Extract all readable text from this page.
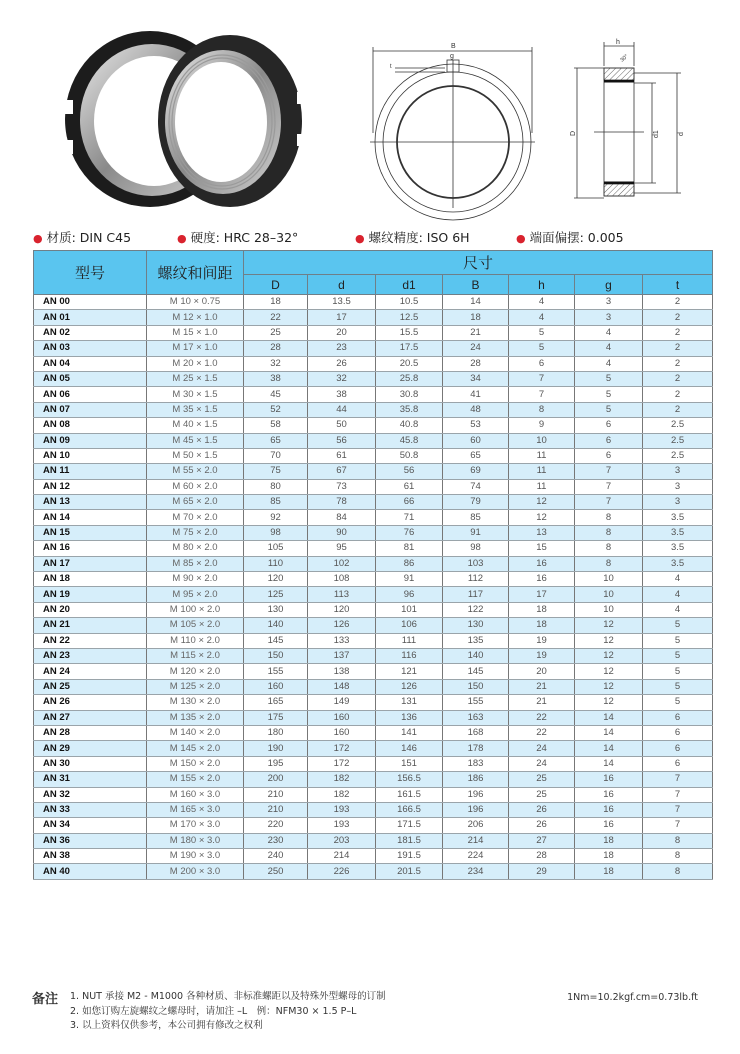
B
g
t
h
30°
D	d1	d
● 材质: DIN C45	● 硬度: HRC 28–32°	● 螺纹精度: ISO 6H	● 端面偏摆: 0.005
型号	螺纹和间距	尺寸						
		D	d	d1	B	h	g	t
AN 00	M 10 × 0.75	18	13.5	10.5	14	4	3	2
AN 01	M 12 × 1.0	22	17	12.5	18	4	3	2
AN 02	M 15 × 1.0	25	20	15.5	21	5	4	2
AN 03	M 17 × 1.0	28	23	17.5	24	5	4	2
AN 04	M 20 × 1.0	32	26	20.5	28	6	4	2
AN 05	M 25 × 1.5	38	32	25.8	34	7	5	2
AN 06	M 30 × 1.5	45	38	30.8	41	7	5	2
AN 07	M 35 × 1.5	52	44	35.8	48	8	5	2
AN 08	M 40 × 1.5	58	50	40.8	53	9	6	2.5
AN 09	M 45 × 1.5	65	56	45.8	60	10	6	2.5
AN 10	M 50 × 1.5	70	61	50.8	65	11	6	2.5
AN 11	M 55 × 2.0	75	67	56	69	11	7	3
AN 12	M 60 × 2.0	80	73	61	74	11	7	3
AN 13	M 65 × 2.0	85	78	66	79	12	7	3
AN 14	M 70 × 2.0	92	84	71	85	12	8	3.5
AN 15	M 75 × 2.0	98	90	76	91	13	8	3.5
AN 16	M 80 × 2.0	105	95	81	98	15	8	3.5
AN 17	M 85 × 2.0	110	102	86	103	16	8	3.5
AN 18	M 90 × 2.0	120	108	91	112	16	10	4
AN 19	M 95 × 2.0	125	113	96	117	17	10	4
AN 20	M 100 × 2.0	130	120	101	122	18	10	4
AN 21	M 105 × 2.0	140	126	106	130	18	12	5
AN 22	M 110 × 2.0	145	133	111	135	19	12	5
AN 23	M 115 × 2.0	150	137	116	140	19	12	5
AN 24	M 120 × 2.0	155	138	121	145	20	12	5
AN 25	M 125 × 2.0	160	148	126	150	21	12	5
AN 26	M 130 × 2.0	165	149	131	155	21	12	5
AN 27	M 135 × 2.0	175	160	136	163	22	14	6
AN 28	M 140 × 2.0	180	160	141	168	22	14	6
AN 29	M 145 × 2.0	190	172	146	178	24	14	6
AN 30	M 150 × 2.0	195	172	151	183	24	14	6
AN 31	M 155 × 2.0	200	182	156.5	186	25	16	7
AN 32	M 160 × 3.0	210	182	161.5	196	25	16	7
AN 33	M 165 × 3.0	210	193	166.5	196	26	16	7
AN 34	M 170 × 3.0	220	193	171.5	206	26	16	7
AN 36	M 180 × 3.0	230	203	181.5	214	27	18	8
AN 38	M 190 × 3.0	240	214	191.5	224	28	18	8
AN 40	M 200 × 3.0	250	226	201.5	234	29	18	8
备注 1. NUT 承接 M2 - M1000 各种材质、非标准螺距以及特殊外型螺母的订制
2. 如您订购左旋螺纹之螺母时，请加注 –L　例：NFM30 × 1.5 P–L
3. 以上资料仅供参考，本公司拥有修改之权利
1Nm=10.2kgf.cm=0.73lb.ft
